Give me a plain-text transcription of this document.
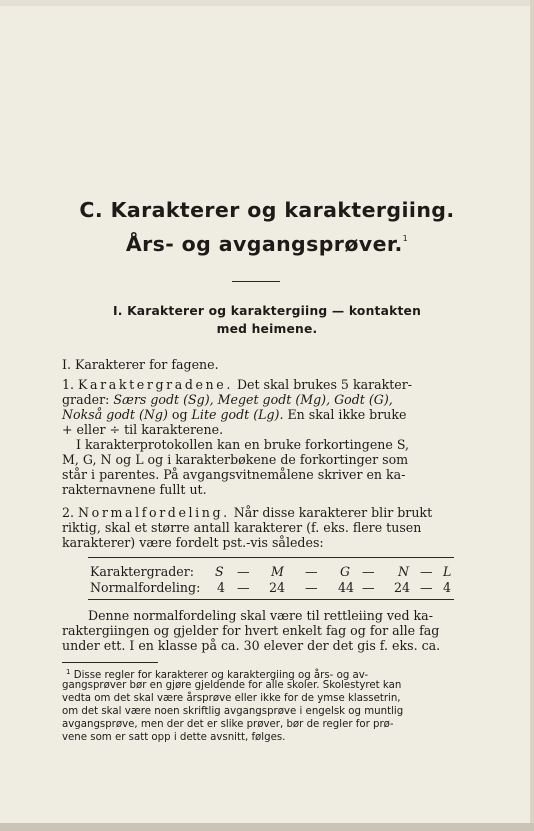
C. Karakterer og karaktergiing.
Års- og avgangsprøver.$^1$
I. Karakterer og karaktergiing — kontakten
med heimene.
I. Karakterer for fagene.
1. Karaktergradene. Det skal brukes 5 karakter-
grader: Særs godt (Sg), Meget godt (Mg), Godt (G),
Nokså godt (Ng) og Lite godt (Lg). En skal ikke bruke
+ eller ÷ til karakterene.
I karakterprotokollen kan en bruke forkortingene S,
M, G, N og L og i karakterbøkene de forkortinger som
står i parentes. På avgangsvitnemålene skriver en ka-
rakternavnene fullt ut.
2. Normalfordeling. Når disse karakterer blir brukt
riktig, skal et større antall karakterer (f. eks. flere tusen
karakterer) være fordelt pst.-vis således:
Karaktergrader: S — M — G — N — L
Normalfordeling: 4 — 24 — 44 — 24 — 4
Denne normalfordeling skal være til rettleiing ved ka-
raktergiingen og gjelder for hvert enkelt fag og for alle fag
under ett. I en klasse på ca. 30 elever der det gis f. eks. ca.
$^1$ Disse regler for karakterer og karaktergiing og års- og av-
gangsprøver bør en gjøre gjeldende for alle skoler. Skolestyret kan
vedta om det skal være årsprøve eller ikke for de ymse klassetrin,
om det skal være noen skriftlig avgangsprøve i engelsk og muntlig
avgangsprøve, men der det er slike prøver, bør de regler for prø-
vene som er satt opp i dette avsnitt, følges.
